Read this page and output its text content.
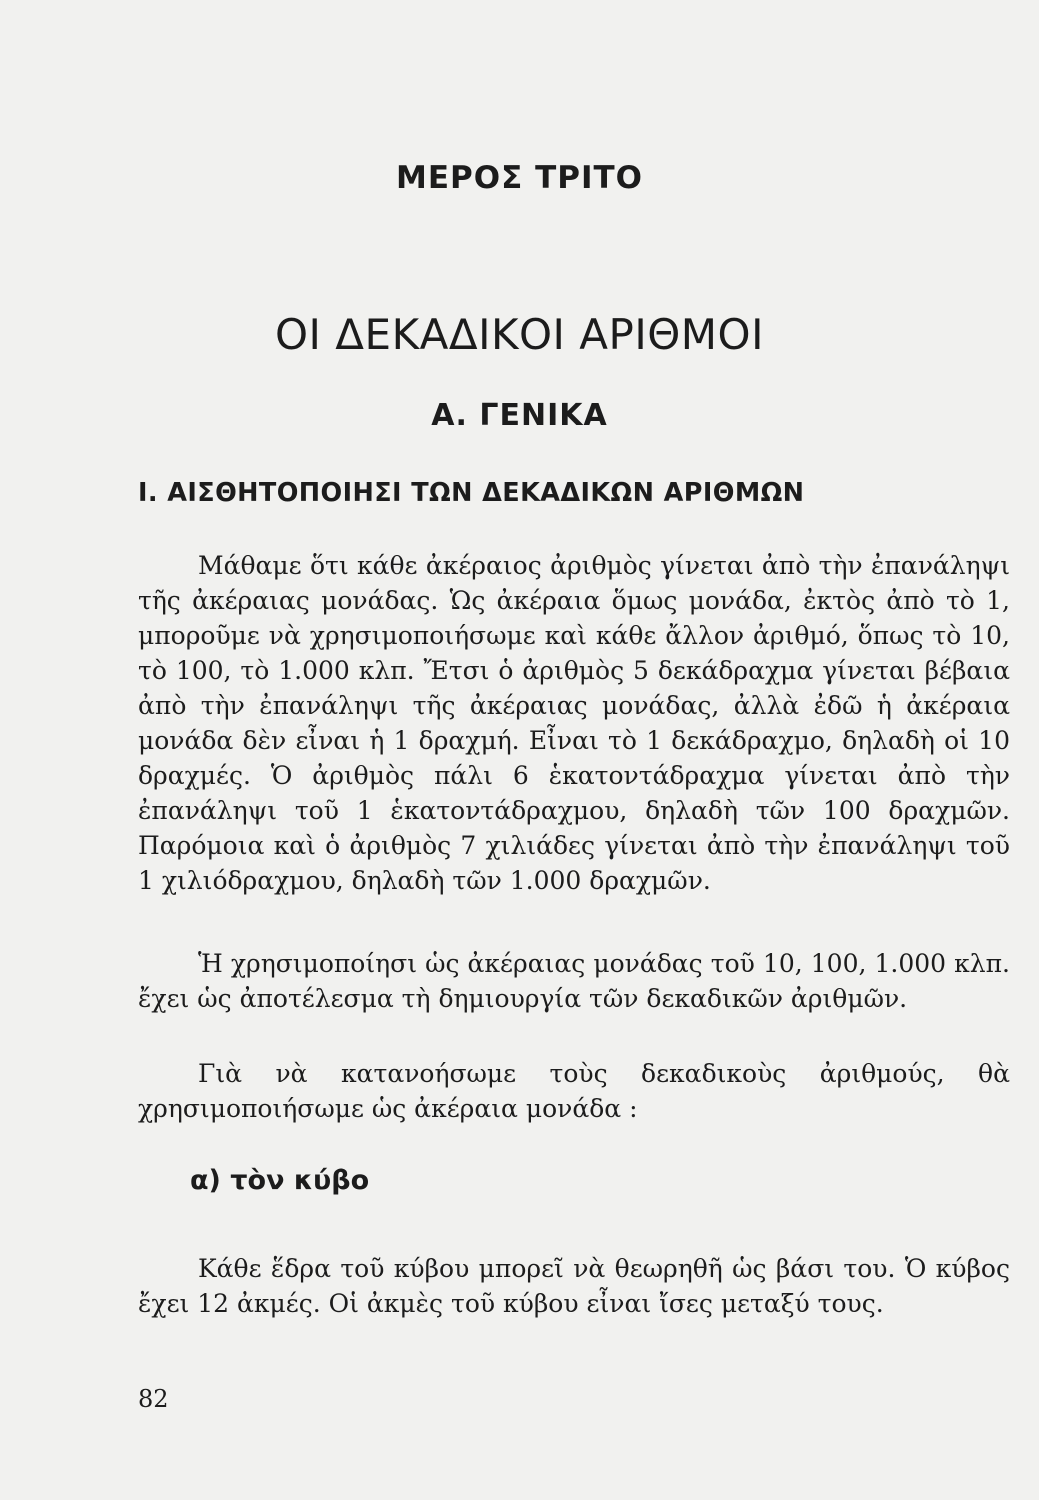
ΜΕΡΟΣ ΤΡΙΤΟ
ΟΙ ΔΕΚΑΔΙΚΟΙ ΑΡΙΘΜΟΙ
Α. ΓΕΝΙΚΑ
Ι. ΑΙΣΘΗΤΟΠΟΙΗΣΙ ΤΩΝ ΔΕΚΑΔΙΚΩΝ ΑΡΙΘΜΩΝ

Μάθαμε ὅτι κάθε ἀκέραιος ἀριθμὸς γίνεται ἀπὸ τὴν ἐπανάληψι τῆς ἀκέραιας μονάδας. Ὡς ἀκέραια ὅμως μονάδα, ἐκτὸς ἀπὸ τὸ 1, μποροῦμε νὰ χρησιμοποιήσωμε καὶ κάθε ἄλλον ἀριθμό, ὅπως τὸ 10, τὸ 100, τὸ 1.000 κλπ. Ἔτσι ὁ ἀριθμὸς 5 δεκάδραχμα γίνεται βέβαια ἀπὸ τὴν ἐπανάληψι τῆς ἀκέραιας μονάδας, ἀλλὰ ἐδῶ ἡ ἀκέραια μονάδα δὲν εἶναι ἡ 1 δραχμή. Εἶναι τὸ 1 δεκάδραχμο, δηλαδὴ οἱ 10 δραχμές. Ὁ ἀριθμὸς πάλι 6 ἑκατοντάδραχμα γίνεται ἀπὸ τὴν ἐπανάληψι τοῦ 1 ἑκατοντάδραχμου, δηλαδὴ τῶν 100 δραχμῶν. Παρόμοια καὶ ὁ ἀριθμὸς 7 χιλιάδες γίνεται ἀπὸ τὴν ἐπανάληψι τοῦ 1 χιλιόδραχμου, δηλαδὴ τῶν 1.000 δραχμῶν.

Ἡ χρησιμοποίησι ὡς ἀκέραιας μονάδας τοῦ 10, 100, 1.000 κλπ. ἔχει ὡς ἀποτέλεσμα τὴ δημιουργία τῶν δεκαδικῶν ἀριθμῶν.

Γιὰ νὰ κατανοήσωμε τοὺς δεκαδικοὺς ἀριθμούς, θὰ χρησιμοποιήσωμε ὡς ἀκέραια μονάδα :

α) τὸν κύβο

Κάθε ἕδρα τοῦ κύβου μπορεῖ νὰ θεωρηθῆ ὡς βάσι του. Ὁ κύβος ἔχει 12 ἀκμές. Οἱ ἀκμὲς τοῦ κύβου εἶναι ἴσες μεταξύ τους.

82
